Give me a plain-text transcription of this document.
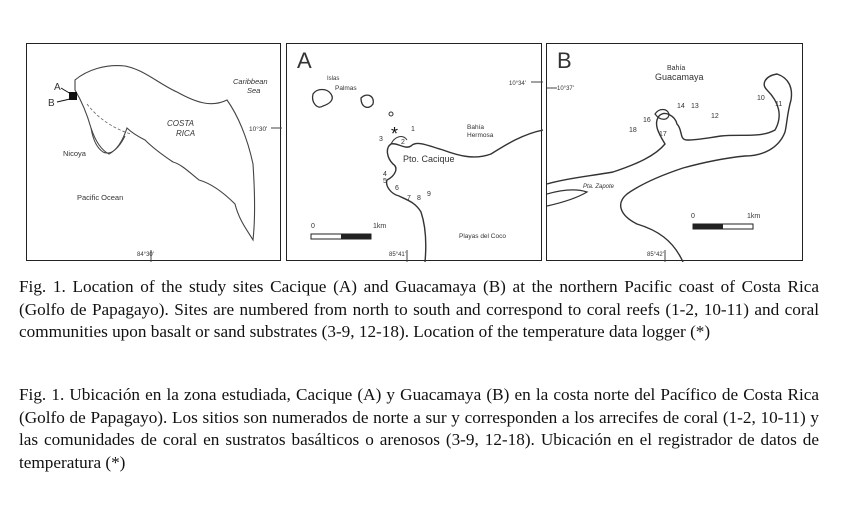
A
B
Caribbean
Sea
COSTA
RICA	10°30'
Nicoya
Pacific Ocean
84°30'
A
Islas
Palmas
10°34'
* 1
2
3
4
5
6
7 8
9
Bahía
Hermosa
Pto. Cacique
0	1km
Playas del Coco
85°41'
B	Bahía
Guacamaya
10°37'
10
11
12
13
14
16
17
18
Pta. Zapote
0	1km
85°42'

Fig. 1. Location of the study sites Cacique (A) and Guacamaya (B) at the northern Pacific coast of Costa Rica (Golfo de Papagayo). Sites are numbered from north to south and correspond to coral reefs (1-2, 10-11) and coral communities upon basalt or sand substrates (3-9, 12-18). Location of the temperature data logger (*)

Fig. 1. Ubicación en la zona estudiada, Cacique (A) y Guacamaya (B) en la costa norte del Pacífico de Costa Rica (Golfo de Papagayo). Los sitios son numerados de norte a sur y corresponden a los arrecifes de coral (1-2, 10-11) y las comunidades de coral en sustratos basálticos o arenosos (3-9, 12-18). Ubicación en el registrador de datos de temperatura (*)
